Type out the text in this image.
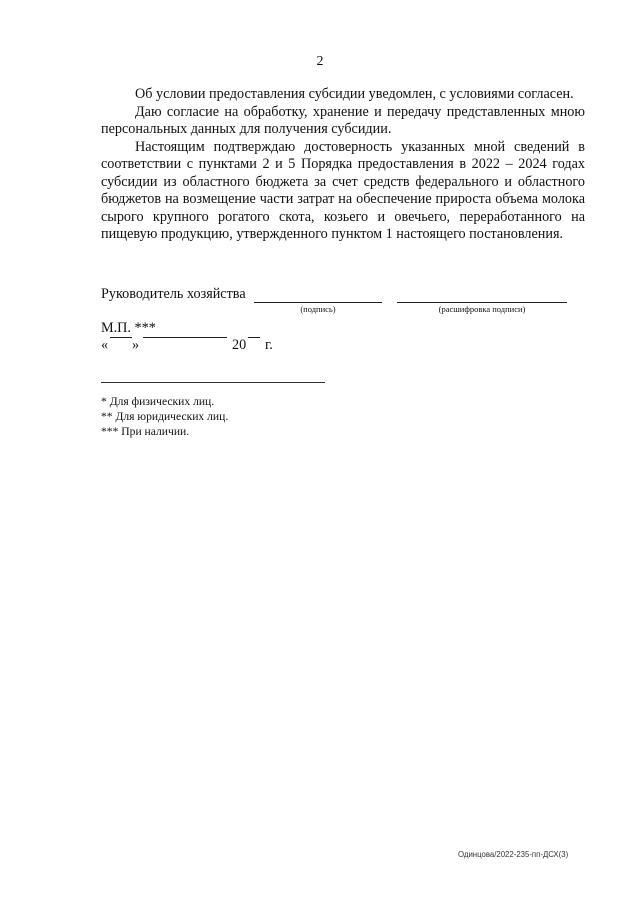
2

Об условии предоставления субсидии уведомлен, с условиями согласен.

Даю согласие на обработку, хранение и передачу представленных мною персональных данных для получения субсидии.

Настоящим подтверждаю достоверность указанных мной сведений в соответствии с пунктами 2 и 5 Порядка предоставления в 2022 – 2024 годах субсидии из областного бюджета за счет средств федерального и областного бюджетов на возмещение части затрат на обеспечение прироста объема молока сырого крупного рогатого скота, козьего и овечьего, переработанного на пищевую продукцию, утвержденного пунктом 1 настоящего постановления.

Руководитель хозяйства
(подпись)	(расшифровка подписи)
М.П. ***
« »	20 г.
* Для физических лиц.
** Для юридических лиц.
*** При наличии.
Одинцова/2022-235-пп-ДСХ(3)
